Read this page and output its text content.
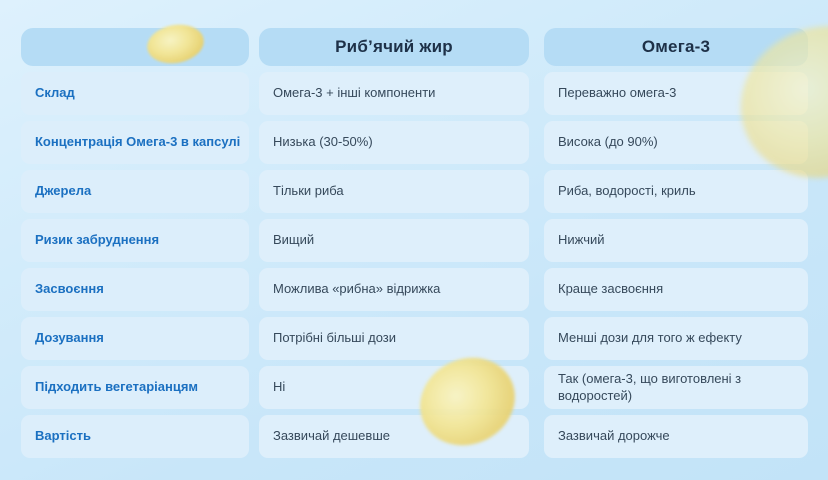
Склад
Концентрація Омега-3 в капсулі
Джерела
Ризик забруднення
Засвоєння
Дозування
Підходить вегетаріанцям
Вартість
Риб’ячий жир
Омега-3 + інші компоненти
Низька (30-50%)
Тільки риба
Вищий
Можлива «рибна» відрижка
Потрібні більші дози
Ні
Зазвичай дешевше
Омега-3
Переважно омега-3
Висока (до 90%)
Риба, водорості, криль
Нижчий
Краще засвоєння
Менші дози для того ж ефекту
Так (омега-3, що виготовлені з водоростей)
Зазвичай дорожче
